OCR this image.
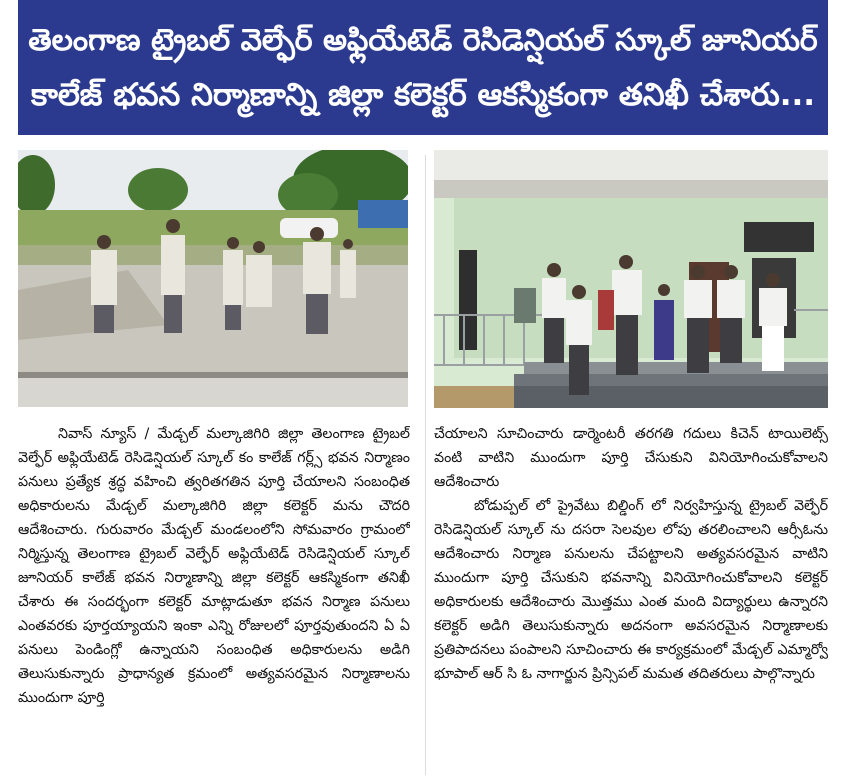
తెలంగాణ ట్రైబల్ వెల్ఫేర్ అఫ్లియేటెడ్ రెసిడెన్షియల్ స్కూల్ జూనియర్
కాలేజ్ భవన నిర్మాణాన్ని జిల్లా కలెక్టర్ ఆకస్మికంగా తనిఖీ చేశారు...

నివాస్ న్యూస్ / మేడ్చల్ మల్కాజిగిరి జిల్లా తెలంగాణ ట్రైబల్ వెల్ఫేర్ అఫ్లియేటెడ్ రెసిడెన్షియల్ స్కూల్ కం కాలేజ్ గర్ల్స్ భవన నిర్మాణం పనులు ప్రత్యేక శ్రద్ధ వహించి త్వరితగతిన పూర్తి చేయాలని సంబంధిత అధికారులను మేడ్చల్ మల్కాజిగిరి జిల్లా కలెక్టర్ మను చౌదరి ఆదేశించారు. గురువారం మేడ్చల్ మండలంలోని సోమవారం గ్రామంలో నిర్మిస్తున్న తెలంగాణ ట్రైబల్ వెల్ఫేర్ అఫ్లియేటెడ్ రెసిడెన్షియల్ స్కూల్ జూనియర్ కాలేజ్ భవన నిర్మాణాన్ని జిల్లా కలెక్టర్ ఆకస్మికంగా తనిఖీ చేశారు ఈ సందర్భంగా కలెక్టర్ మాట్లాడుతూ భవన నిర్మాణ పనులు ఎంతవరకు పూర్తయ్యాయని ఇంకా ఎన్ని రోజులలో పూర్తవుతుందని ఏ ఏ పనులు పెండింగ్లో ఉన్నాయని సంబంధిత అధికారులను అడిగి తెలుసుకున్నారు ప్రాధాన్యత క్రమంలో అత్యవసరమైన నిర్మాణాలను ముందుగా పూర్తి

చేయాలని సూచించారు డార్మెంటరీ తరగతి గదులు కిచెన్ టాయిలెట్స్ వంటి వాటిని ముందుగా పూర్తి చేసుకుని వినియోగించుకోవాలని ఆదేశించారు

బోడుప్పల్ లో ప్రైవేటు బిల్డింగ్ లో నిర్వహిస్తున్న ట్రైబల్ వెల్ఫేర్ రెసిడెన్షియల్ స్కూల్ ను దసరా సెలవుల లోపు తరలించాలని ఆర్సీఓను ఆదేశించారు నిర్మాణ పనులను చేపట్టాలని అత్యవసరమైన వాటిని ముందుగా పూర్తి చేసుకుని భవనాన్ని వినియోగించుకోవాలని కలెక్టర్ అధికారులకు ఆదేశించారు మొత్తము ఎంత మంది విద్యార్థులు ఉన్నారని కలెక్టర్ అడిగి తెలుసుకున్నారు అదనంగా అవసరమైన నిర్మాణాలకు ప్రతిపాదనలు పంపాలని సూచించారు ఈ కార్యక్రమంలో మేడ్చల్ ఎమ్మార్వో భూపాల్ ఆర్ సి ఓ నాగార్జున ప్రిన్సిపల్ మమత తదితరులు పాల్గొన్నారు
